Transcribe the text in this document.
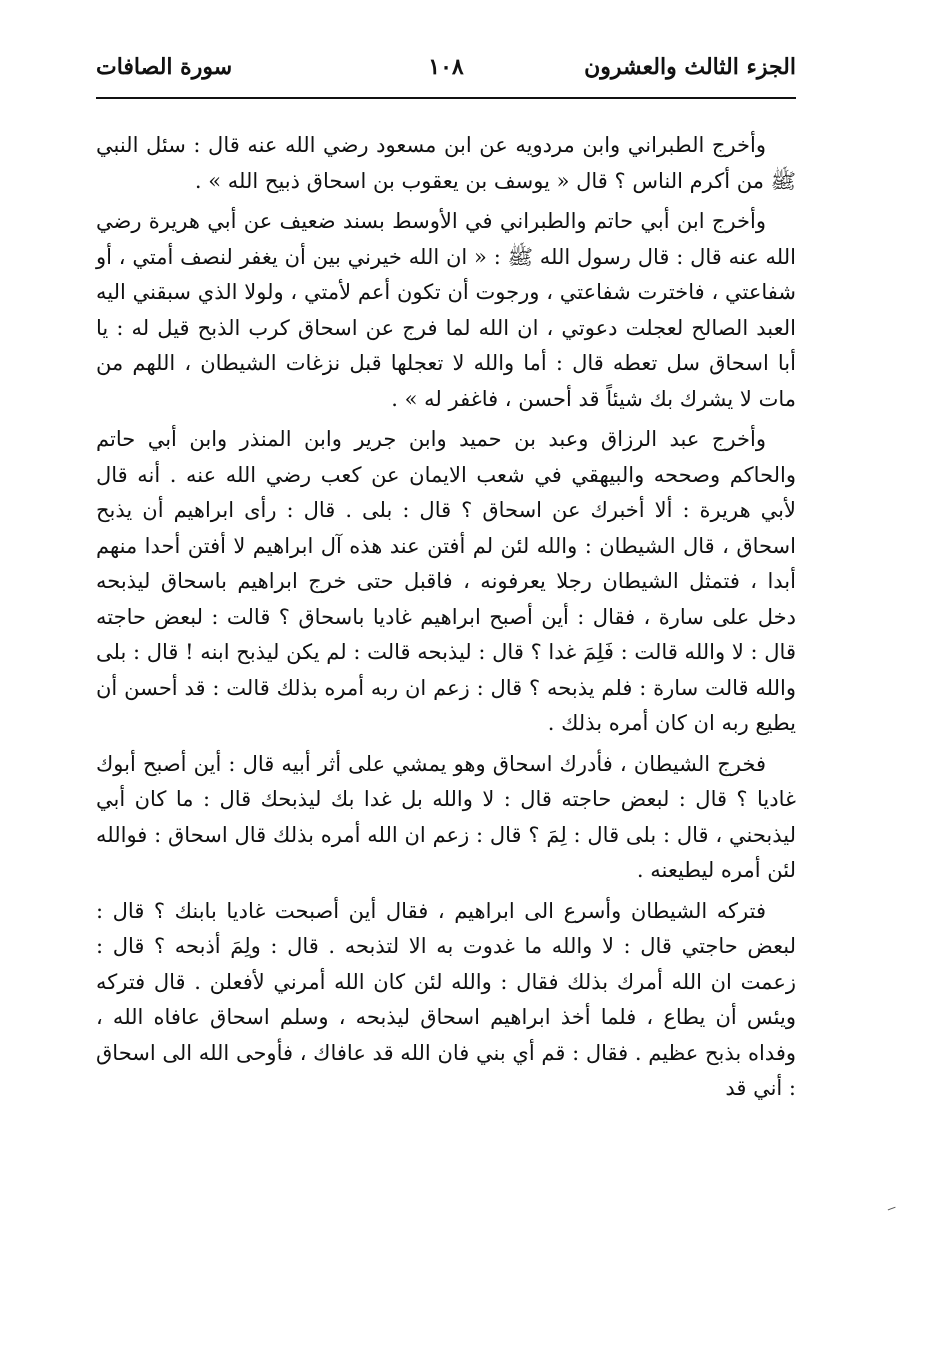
الجزء الثالث والعشرون
١٠٨
سورة الصافات

وأخرج الطبراني وابن مردويه عن ابن مسعود رضي الله عنه قال : سئل النبي ﷺ من أكرم الناس ؟ قال « يوسف بن يعقوب بن اسحاق ذبيح الله » .

وأخرج ابن أبي حاتم والطبراني في الأوسط بسند ضعيف عن أبي هريرة رضي الله عنه قال : قال رسول الله ﷺ : « ان الله خيرني بين أن يغفر لنصف أمتي ، أو شفاعتي ، فاخترت شفاعتي ، ورجوت أن تكون أعم لأمتي ، ولولا الذي سبقني اليه العبد الصالح لعجلت دعوتي ، ان الله لما فرج عن اسحاق كرب الذبح قيل له : يا أبا اسحاق سل تعطه قال : أما والله لا تعجلها قبل نزغات الشيطان ، اللهم من مات لا يشرك بك شيئاً قد أحسن ، فاغفر له » .

وأخرج عبد الرزاق وعبد بن حميد وابن جرير وابن المنذر وابن أبي حاتم والحاكم وصححه والبيهقي في شعب الايمان عن كعب رضي الله عنه . أنه قال لأبي هريرة : ألا أخبرك عن اسحاق ؟ قال : بلى . قال : رأى ابراهيم أن يذبح اسحاق ، قال الشيطان : والله لئن لم أفتن عند هذه آل ابراهيم لا أفتن أحدا منهم أبدا ، فتمثل الشيطان رجلا يعرفونه ، فاقبل حتى خرج ابراهيم باسحاق ليذبحه دخل على سارة ، فقال : أين أصبح ابراهيم غاديا باسحاق ؟ قالت : لبعض حاجته قال : لا والله قالت : فَلِمَ غدا ؟ قال : ليذبحه قالت : لم يكن ليذبح ابنه ! قال : بلى والله قالت سارة : فلم يذبحه ؟ قال : زعم ان ربه أمره بذلك قالت : قد أحسن أن يطيع ربه ان كان أمره بذلك .

فخرج الشيطان ، فأدرك اسحاق وهو يمشي على أثر أبيه قال : أين أصبح أبوك غاديا ؟ قال : لبعض حاجته قال : لا والله بل غدا بك ليذبحك قال : ما كان أبي ليذبحني ، قال : بلى قال : لِمَ ؟ قال : زعم ان الله أمره بذلك قال اسحاق : فوالله لئن أمره ليطيعنه .

فتركه الشيطان وأسرع الى ابراهيم ، فقال أين أصبحت غاديا بابنك ؟ قال : لبعض حاجتي قال : لا والله ما غدوت به الا لتذبحه . قال : ولِمَ أذبحه ؟ قال : زعمت ان الله أمرك بذلك فقال : والله لئن كان الله أمرني لأفعلن . قال فتركه ويئس أن يطاع ، فلما أخذ ابراهيم اسحاق ليذبحه ، وسلم اسحاق عافاه الله ، وفداه بذبح عظيم . فقال : قم أي بني فان الله قد عافاك ، فأوحى الله الى اسحاق : أني قد
